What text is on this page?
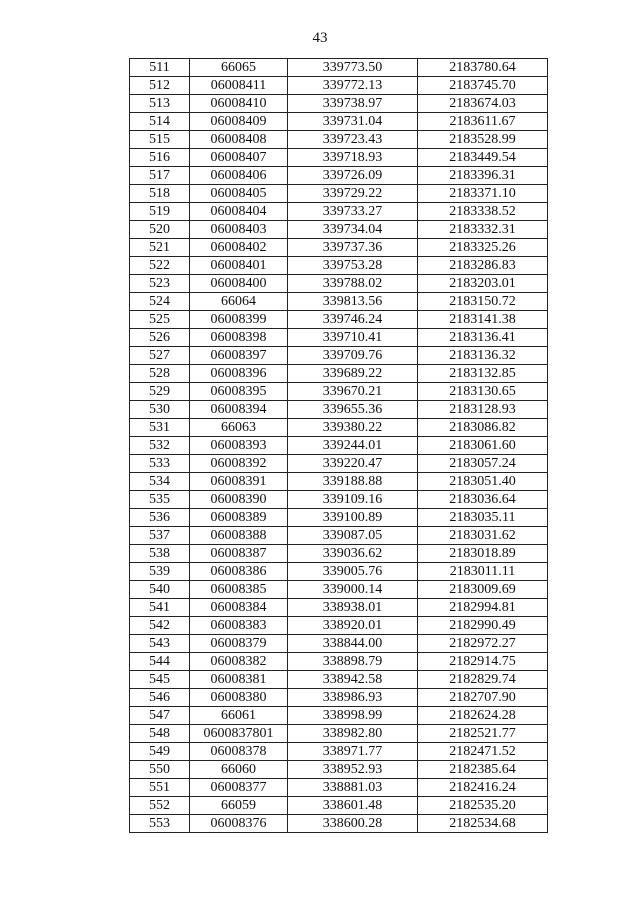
43
511	66065	339773.50	2183780.64
512	06008411	339772.13	2183745.70
513	06008410	339738.97	2183674.03
514	06008409	339731.04	2183611.67
515	06008408	339723.43	2183528.99
516	06008407	339718.93	2183449.54
517	06008406	339726.09	2183396.31
518	06008405	339729.22	2183371.10
519	06008404	339733.27	2183338.52
520	06008403	339734.04	2183332.31
521	06008402	339737.36	2183325.26
522	06008401	339753.28	2183286.83
523	06008400	339788.02	2183203.01
524	66064	339813.56	2183150.72
525	06008399	339746.24	2183141.38
526	06008398	339710.41	2183136.41
527	06008397	339709.76	2183136.32
528	06008396	339689.22	2183132.85
529	06008395	339670.21	2183130.65
530	06008394	339655.36	2183128.93
531	66063	339380.22	2183086.82
532	06008393	339244.01	2183061.60
533	06008392	339220.47	2183057.24
534	06008391	339188.88	2183051.40
535	06008390	339109.16	2183036.64
536	06008389	339100.89	2183035.11
537	06008388	339087.05	2183031.62
538	06008387	339036.62	2183018.89
539	06008386	339005.76	2183011.11
540	06008385	339000.14	2183009.69
541	06008384	338938.01	2182994.81
542	06008383	338920.01	2182990.49
543	06008379	338844.00	2182972.27
544	06008382	338898.79	2182914.75
545	06008381	338942.58	2182829.74
546	06008380	338986.93	2182707.90
547	66061	338998.99	2182624.28
548	0600837801	338982.80	2182521.77
549	06008378	338971.77	2182471.52
550	66060	338952.93	2182385.64
551	06008377	338881.03	2182416.24
552	66059	338601.48	2182535.20
553	06008376	338600.28	2182534.68
